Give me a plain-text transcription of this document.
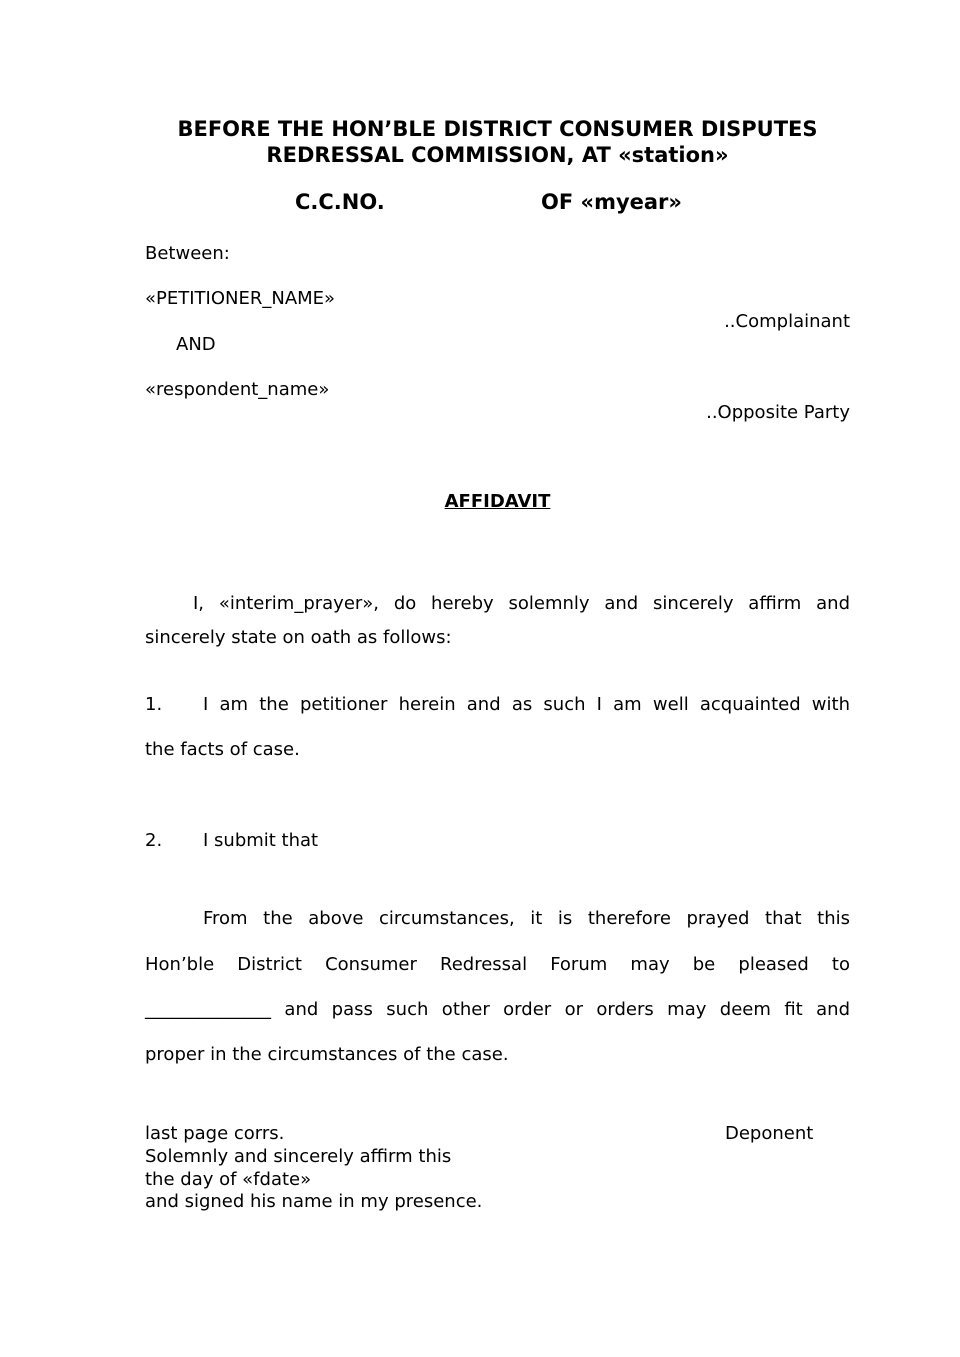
BEFORE THE HON’BLE DISTRICT CONSUMER DISPUTES
REDRESSAL COMMISSION, AT «station»
C.C.NO.	OF «myear»
Between:
«PETITIONER_NAME»
..Complainant
AND
«respondent_name»
..Opposite Party
AFFIDAVIT
I, «interim_prayer», do hereby solemnly and sincerely affirm and
sincerely state on oath as follows:
1. I am the petitioner herein and as such I am well acquainted with
the facts of case.
2. I submit that
From the above circumstances, it is therefore prayed that this
Hon’ble District Consumer Redressal Forum may be pleased to
______________ and pass such other order or orders may deem fit and
proper in the circumstances of the case.
last page corrs.	Deponent
Solemnly and sincerely affirm this
the day of «fdate»
and signed his name in my presence.
